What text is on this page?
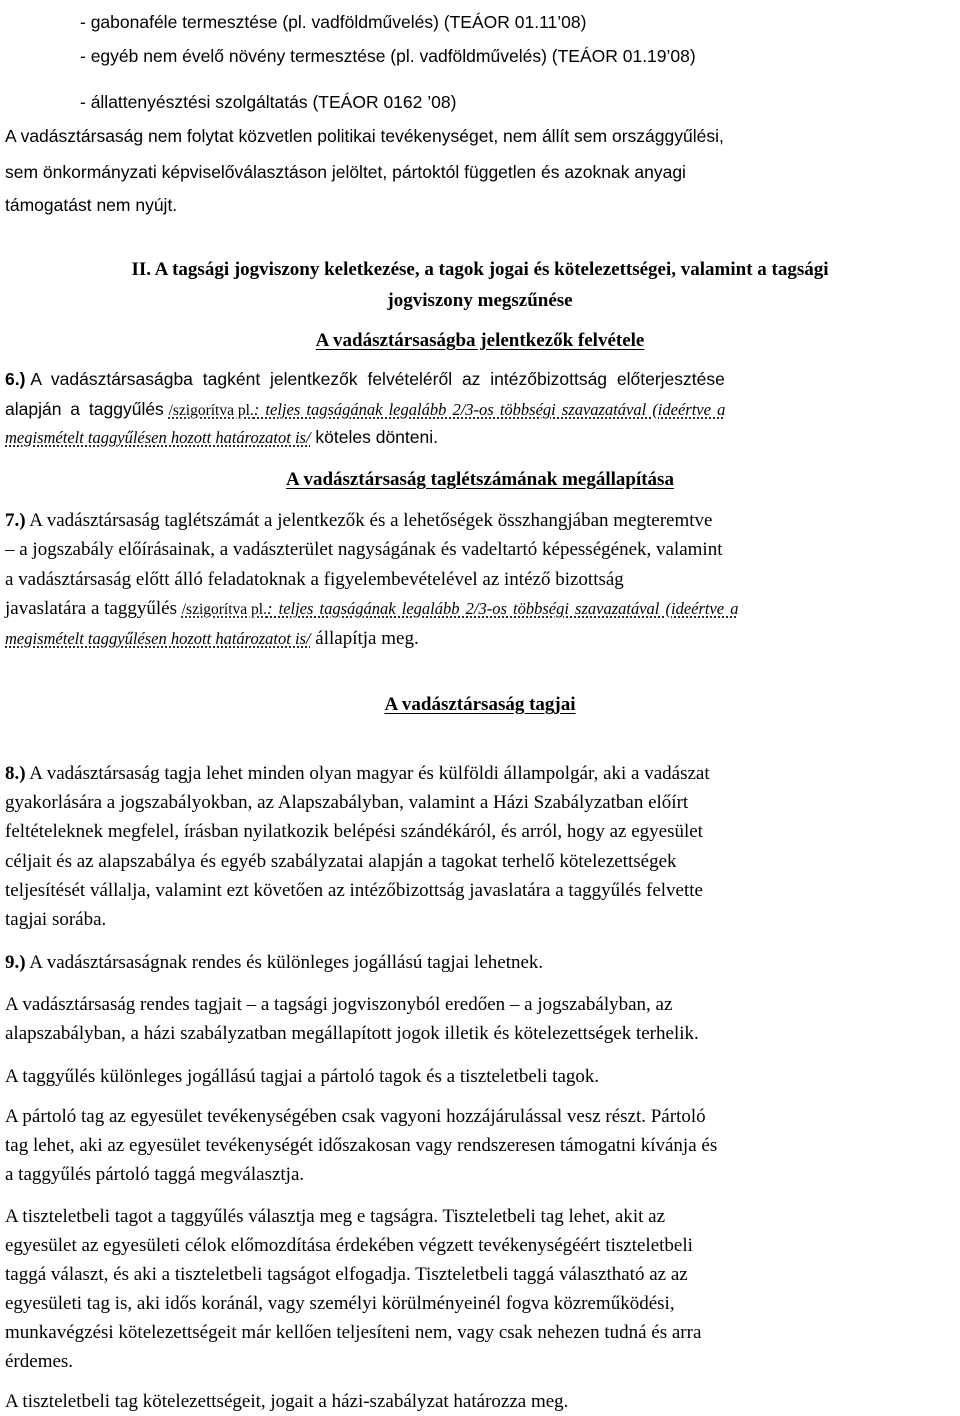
- gabonaféle termesztése (pl. vadföldművelés) (TEÁOR 01.11’08)
- egyéb nem évelő növény termesztése (pl. vadföldművelés) (TEÁOR 01.19’08)
- állattenyésztési szolgáltatás (TEÁOR 0162 ’08)
A vadásztársaság nem folytat közvetlen politikai tevékenységet, nem állít sem országgyűlési,
sem önkormányzati képviselőválasztáson jelöltet, pártoktól független és azoknak anyagi
támogatást nem nyújt.
II. A tagsági jogviszony keletkezése, a tagok jogai és kötelezettségei, valamint a tagsági
jogviszony megszűnése
A vadásztársaságba jelentkezők felvétele
6.) A vadásztársaságba tagként jelentkezők felvételéről az intézőbizottság előterjesztése
alapján a taggyűlés /szigorítva pl.: teljes tagságának legalább 2/3-os többségi szavazatával (ideértve a
megismételt taggyűlésen hozott határozatot is/ köteles dönteni.
A vadásztársaság taglétszámának megállapítása
7.) A vadásztársaság taglétszámát a jelentkezők és a lehetőségek összhangjában megteremtve
– a jogszabály előírásainak, a vadászterület nagyságának és vadeltartó képességének, valamint
a vadásztársaság előtt álló feladatoknak a figyelembevételével az intéző bizottság
javaslatára a taggyűlés /szigorítva pl.: teljes tagságának legalább 2/3-os többségi szavazatával (ideértve a
megismételt taggyűlésen hozott határozatot is/ állapítja meg.
A vadásztársaság tagjai
8.) A vadásztársaság tagja lehet minden olyan magyar és külföldi állampolgár, aki a vadászat
gyakorlására a jogszabályokban, az Alapszabályban, valamint a Házi Szabályzatban előírt
feltételeknek megfelel, írásban nyilatkozik belépési szándékáról, és arról, hogy az egyesület
céljait és az alapszabálya és egyéb szabályzatai alapján a tagokat terhelő kötelezettségek
teljesítését vállalja, valamint ezt követően az intézőbizottság javaslatára a taggyűlés felvette
tagjai sorába.
9.) A vadásztársaságnak rendes és különleges jogállású tagjai lehetnek.
A vadásztársaság rendes tagjait – a tagsági jogviszonyból eredően – a jogszabályban, az
alapszabályban, a házi szabályzatban megállapított jogok illetik és kötelezettségek terhelik.
A taggyűlés különleges jogállású tagjai a pártoló tagok és a tiszteletbeli tagok.
A pártoló tag az egyesület tevékenységében csak vagyoni hozzájárulással vesz részt. Pártoló
tag lehet, aki az egyesület tevékenységét időszakosan vagy rendszeresen támogatni kívánja és
a taggyűlés pártoló taggá megválasztja.
A tiszteletbeli tagot a taggyűlés választja meg e tagságra. Tiszteletbeli tag lehet, akit az
egyesület az egyesületi célok előmozdítása érdekében végzett tevékenységéért tiszteletbeli
taggá választ, és aki a tiszteletbeli tagságot elfogadja. Tiszteletbeli taggá választható az az
egyesületi tag is, aki idős koránál, vagy személyi körülményeinél fogva közreműködési,
munkavégzési kötelezettségeit már kellően teljesíteni nem, vagy csak nehezen tudná és arra
érdemes.
A tiszteletbeli tag kötelezettségeit, jogait a házi-szabályzat határozza meg.
